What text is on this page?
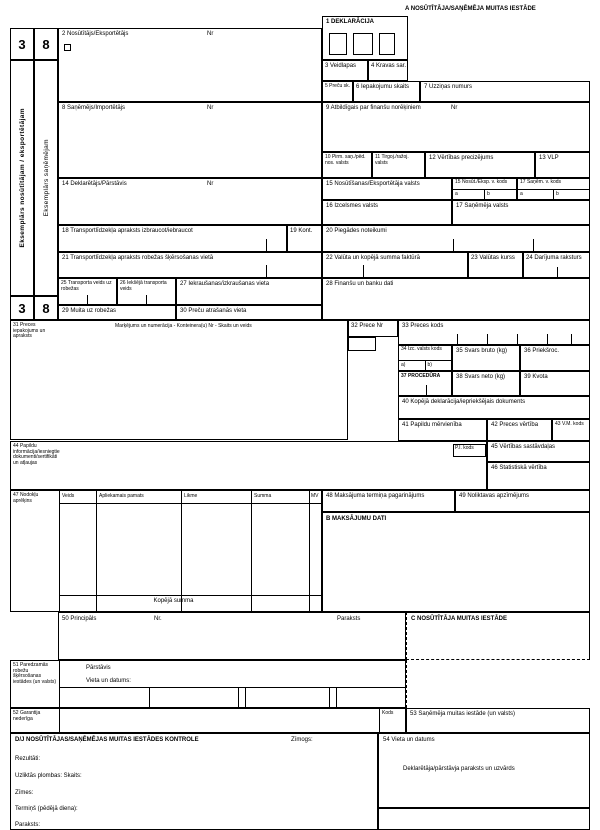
A NOSŪTĪTĀJA/SAŅĒMĒJA MUITAS IESTĀDE
1 DEKLARĀCIJA
3 8
2 Nosūtītājs/Eksportētājs	Nr
Eksemplārs nosūtītājam / eksportētājam	Eksemplārs saņēmējam
3 Veidlapas 4 Kravas sar.
5 Preču sk. 6 Iepakojumu skaits 7 Uzziņas numurs
8 Saņēmējs/Importētājs	Nr	9 Atbildīgais par finanšu norēķiniem	Nr
10 Pirm. saņ./pēd. nos. valsts
11 Tirgoj./ražoj. valsts
12 Vērtības precizējums	13 VLP
14 Deklarētājs/Pārstāvis	Nr	15 Nosūtīšanas/Eksportētāja valsts	15 Nosūt./Eksp. v. kods
a	b
17 Saņēm. v. kods
a	b
16 Izcelsmes valsts	17 Saņēmēja valsts
18 Transportlīdzekļa apraksts izbraucot/iebraucot	19 Kont. 20 Piegādes noteikumi
21 Transportlīdzekļa apraksts robežas šķērsošanas vietā	22 Valūta un kopējā summa faktūrā	23 Valūtas kurss 24 Darījuma raksturs
25 Transporta veids uz robežas
26 Iekšējā transporta veids
27 Iekraušanas/izkraušanas vieta	28 Finanšu un banku dati
3 8 29 Muita uz robežas	30 Preču atrašanās vieta
31 Preces iepakojums un apraksts
Marķējums un numerācija - Konteinera(u) Nr - Skaits un veids	32 Prece Nr	33 Preces kods
34 Izc. valsts kods
a)	b)
35 Svars bruto (kg)	36 Priekšroc.
37 PROCEDŪRA	38 Svars neto (kg)	39 Kvota
40 Kopējā deklarācija/iepriekšējais dokuments
41 Papildu mērvienība	42 Preces vērtība	43 V.M. kods
44 Papildu informācija/iesniegtie dokumenti/sertifikāti un atļaujas
P.I. kods	45 Vērtības sastāvdaļas
46 Statistiskā vērtība
47 Nodokļu aprēķins
Veids	Apliekamais pamats	Likme	Summa	MV
Kopējā summa
48 Maksājuma termiņa pagarinājums	49 Noliktavas apzīmējums
B MAKSĀJUMU DATI
50 Principāls	Nr.	Paraksts	C NOSŪTĪTĀJA MUITAS IESTĀDE
51 Paredzamās robežu šķērsošanas iestādes (un valsts)
Pārstāvis
Vieta un datums:
52 Garantija nederīga
Kods	53 Saņēmēja muitas iestāde (un valsts)
D/J NOSŪTĪTĀJAS/SAŅĒMĒJAS MUITAS IESTĀDES KONTROLE	Zīmogs:
Rezultāti:
Uzliktās plombas: Skaits:
Zīmes:
Termiņš (pēdējā diena):
Paraksts:
54 Vieta un datums
Deklarētāja/pārstāvja paraksts un uzvārds
